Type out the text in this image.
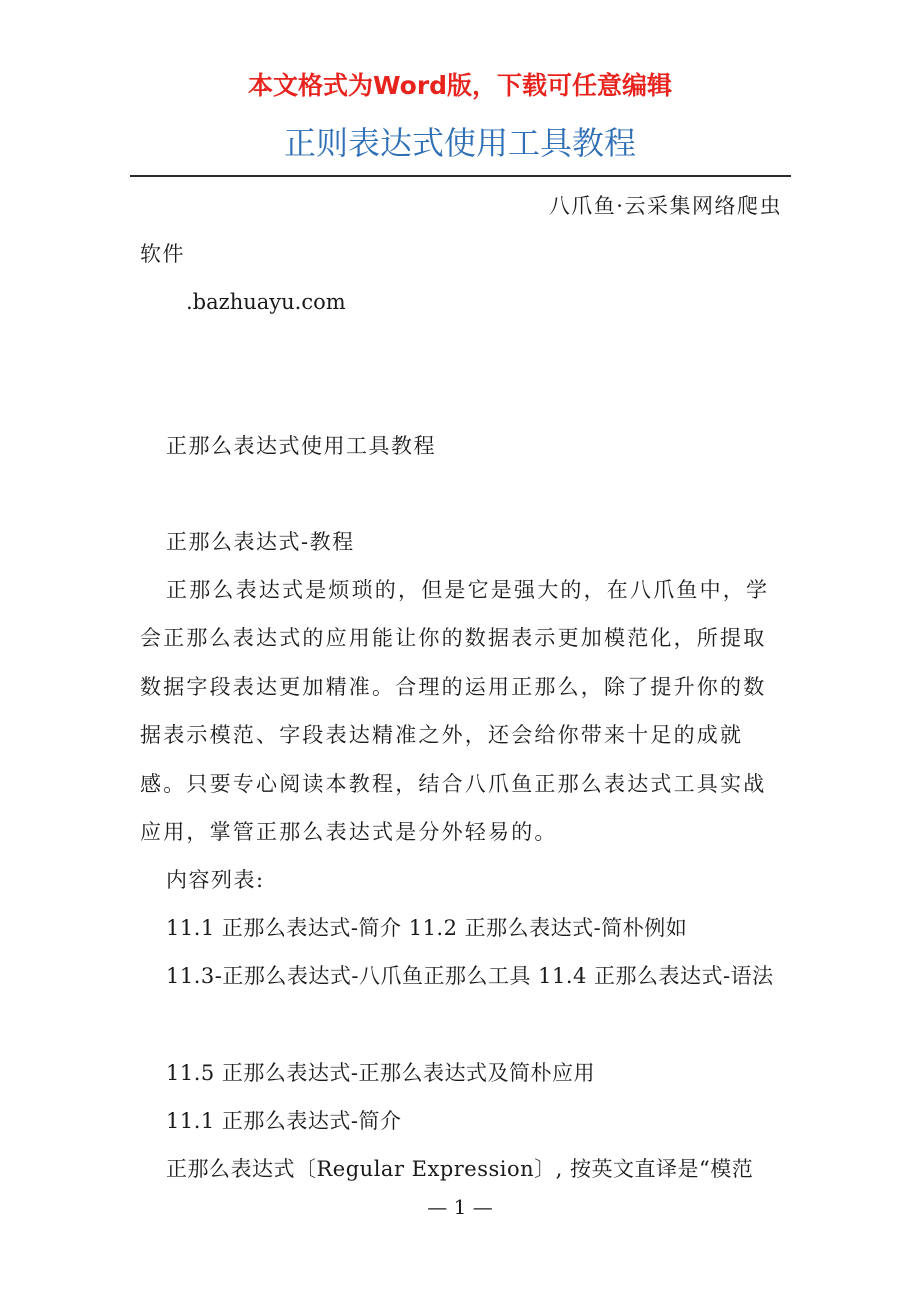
本文格式为Word版，下载可任意编辑
正则表达式使用工具教程
八爪鱼·云采集网络爬虫
软件
.bazhuayu.com
正那么表达式使用工具教程
正那么表达式-教程
正那么表达式是烦琐的，但是它是强大的，在八爪鱼中，学会正那么表达式的应用能让你的数据表示更加模范化，所提取数据字段表达更加精准。合理的运用正那么，除了提升你的数据表示模范、字段表达精准之外，还会给你带来十足的成就感。只要专心阅读本教程，结合八爪鱼正那么表达式工具实战应用，掌管正那么表达式是分外轻易的。
内容列表:
11.1 正那么表达式-简介 11.2 正那么表达式-简朴例如
11.3-正那么表达式-八爪鱼正那么工具 11.4 正那么表达式-语法
11.5 正那么表达式-正那么表达式及简朴应用
11.1 正那么表达式-简介
正那么表达式〔Regular Expression〕, 按英文直译是“模范
— 1 —
